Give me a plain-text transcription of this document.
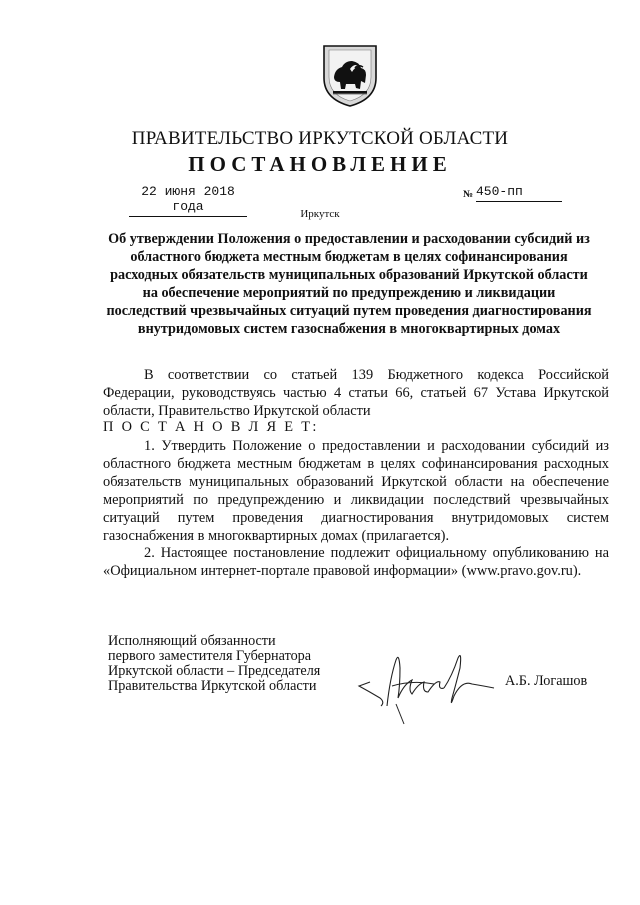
ПРАВИТЕЛЬСТВО ИРКУТСКОЙ ОБЛАСТИ
ПОСТАНОВЛЕНИЕ
22 июня 2018 года
№ 450-пп
Иркутск
Об утверждении Положения о предоставлении и расходовании субсидий из областного бюджета местным бюджетам в целях софинансирования расходных обязательств муниципальных образований Иркутской области на обеспечение мероприятий по предупреждению и ликвидации последствий чрезвычайных ситуаций путем проведения диагностирования внутридомовых систем газоснабжения в многоквартирных домах

В соответствии со статьей 139 Бюджетного кодекса Российской Федерации, руководствуясь частью 4 статьи 66, статьей 67 Устава Иркутской области, Правительство Иркутской области

П О С Т А Н О В Л Я Е Т:

1. Утвердить Положение о предоставлении и расходовании субсидий из областного бюджета местным бюджетам в целях софинансирования расходных обязательств муниципальных образований Иркутской области на обеспечение мероприятий по предупреждению и ликвидации последствий чрезвычайных ситуаций путем проведения диагностирования внутридомовых систем газоснабжения в многоквартирных домах (прилагается).

2. Настоящее постановление подлежит официальному опубликованию на «Официальном интернет-портале правовой информации» (www.pravo.gov.ru).

Исполняющий обязанности
первого заместителя Губернатора
Иркутской области – Председателя
Правительства Иркутской области	А.Б. Логашов
